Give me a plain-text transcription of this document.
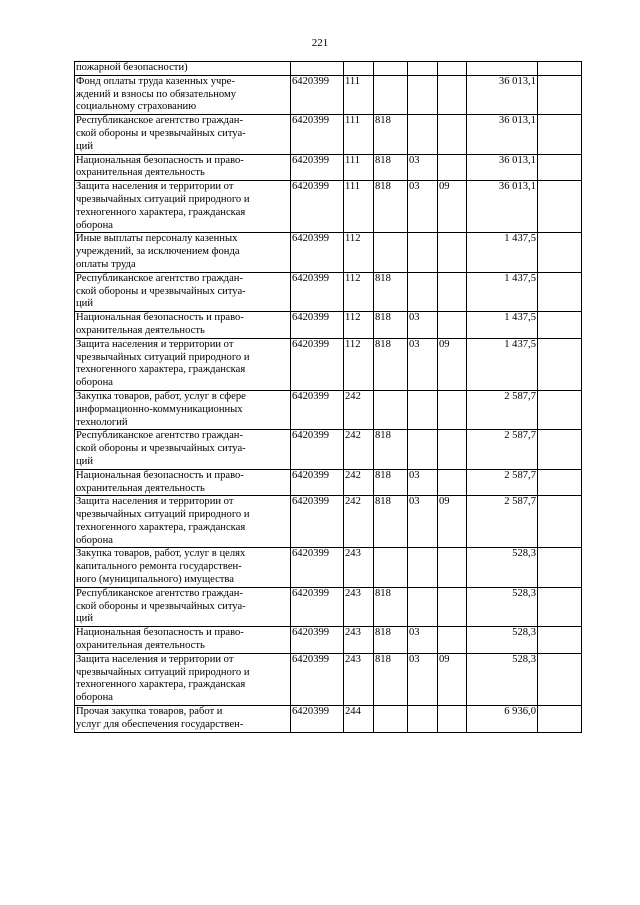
221
пожарной безопасности)							
Фонд оплаты труда казенных учре-
ждений и взносы по обязательному
социальному страхованию	6420399	111				36 013,1	
Республиканское агентство граждан-
ской обороны и чрезвычайных ситуа-
ций	6420399	111	818			36 013,1	
Национальная безопасность и право-
охранительная деятельность	6420399	111	818	03		36 013,1	
Защита населения и территории от
чрезвычайных ситуаций природного и
техногенного характера, гражданская
оборона	6420399	111	818	03	09	36 013,1	
Иные выплаты персоналу казенных
учреждений, за исключением фонда
оплаты труда	6420399	112				1 437,5	
Республиканское агентство граждан-
ской обороны и чрезвычайных ситуа-
ций	6420399	112	818			1 437,5	
Национальная безопасность и право-
охранительная деятельность	6420399	112	818	03		1 437,5	
Защита населения и территории от
чрезвычайных ситуаций природного и
техногенного характера, гражданская
оборона	6420399	112	818	03	09	1 437,5	
Закупка товаров, работ, услуг в сфере
информационно-коммуникационных
технологий	6420399	242				2 587,7	
Республиканское агентство граждан-
ской обороны и чрезвычайных ситуа-
ций	6420399	242	818			2 587,7	
Национальная безопасность и право-
охранительная деятельность	6420399	242	818	03		2 587,7	
Защита населения и территории от
чрезвычайных ситуаций природного и
техногенного характера, гражданская
оборона	6420399	242	818	03	09	2 587,7	
Закупка товаров, работ, услуг в целях
капитального ремонта государствен-
ного (муниципального) имущества	6420399	243				528,3	
Республиканское агентство граждан-
ской обороны и чрезвычайных ситуа-
ций	6420399	243	818			528,3	
Национальная безопасность и право-
охранительная деятельность	6420399	243	818	03		528,3	
Защита населения и территории от
чрезвычайных ситуаций природного и
техногенного характера, гражданская
оборона	6420399	243	818	03	09	528,3	
Прочая закупка товаров, работ и
услуг для обеспечения государствен-	6420399	244				6 936,0	
